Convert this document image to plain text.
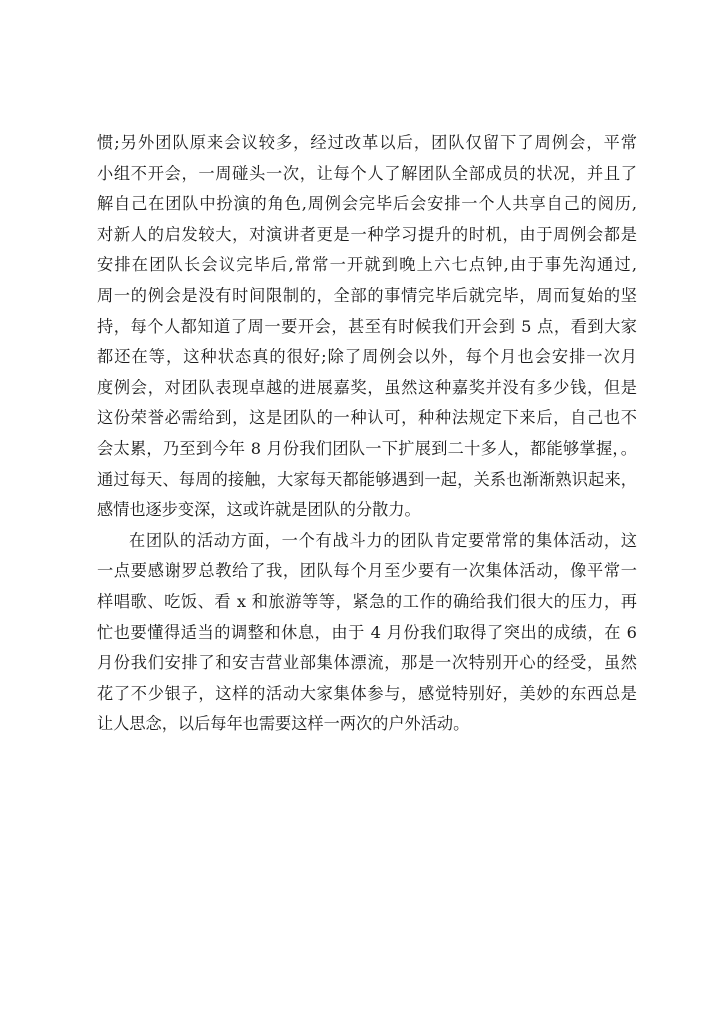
惯;另外团队原来会议较多，经过改革以后，团队仅留下了周例会，平常
小组不开会，一周碰头一次，让每个人了解团队全部成员的状况，并且了
解自己在团队中扮演的角色,周例会完毕后会安排一个人共享自己的阅历,
对新人的启发较大，对演讲者更是一种学习提升的时机，由于周例会都是
安排在团队长会议完毕后,常常一开就到晚上六七点钟,由于事先沟通过,
周一的例会是没有时间限制的，全部的事情完毕后就完毕，周而复始的坚
持，每个人都知道了周一要开会，甚至有时候我们开会到 5 点，看到大家
都还在等，这种状态真的很好;除了周例会以外，每个月也会安排一次月
度例会，对团队表现卓越的进展嘉奖，虽然这种嘉奖并没有多少钱，但是
这份荣誉必需给到，这是团队的一种认可，种种法规定下来后，自己也不
会太累，乃至到今年 8 月份我们团队一下扩展到二十多人，都能够掌握，。
通过每天、每周的接触，大家每天都能够遇到一起，关系也渐渐熟识起来，
感情也逐步变深，这或许就是团队的分散力。
在团队的活动方面，一个有战斗力的团队肯定要常常的集体活动，这
一点要感谢罗总教给了我，团队每个月至少要有一次集体活动，像平常一
样唱歌、吃饭、看 x 和旅游等等，紧急的工作的确给我们很大的压力，再
忙也要懂得适当的调整和休息，由于 4 月份我们取得了突出的成绩，在 6
月份我们安排了和安吉营业部集体漂流，那是一次特别开心的经受，虽然
花了不少银子，这样的活动大家集体参与，感觉特别好，美妙的东西总是
让人思念，以后每年也需要这样一两次的户外活动。
